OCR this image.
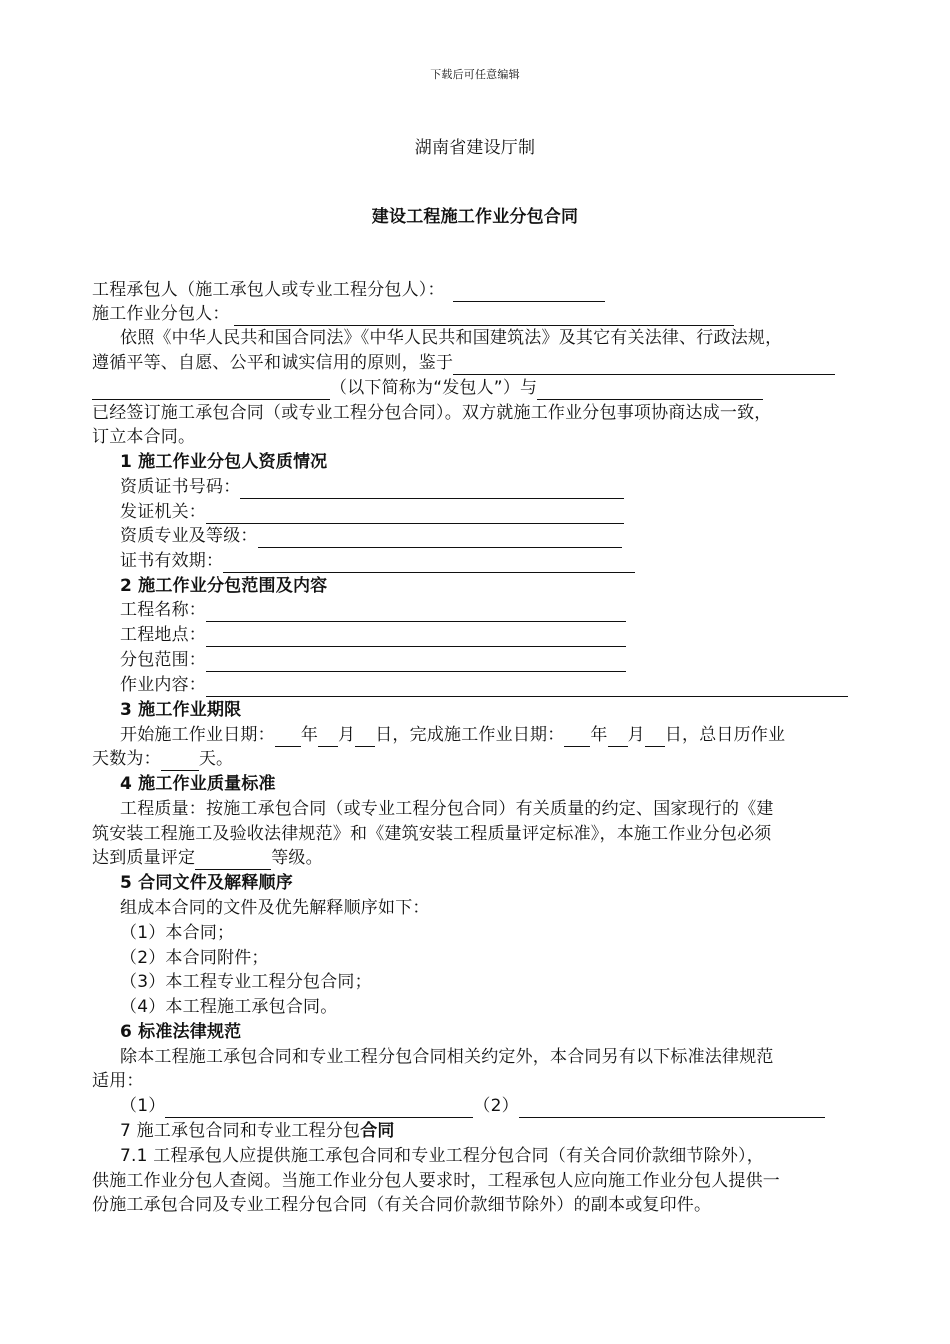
下载后可任意编辑
湖南省建设厅制
建设工程施工作业分包合同
工程承包人（施工承包人或专业工程分包人）：
施工作业分包人：
依照《中华人民共和国合同法》《中华人民共和国建筑法》及其它有关法律、行政法规，
遵循平等、自愿、公平和诚实信用的原则，鉴于
（以下简称为“发包人”）与
已经签订施工承包合同（或专业工程分包合同）。双方就施工作业分包事项协商达成一致，
订立本合同。
1 施工作业分包人资质情况
资质证书号码：
发证机关：
资质专业及等级：
证书有效期：
2 施工作业分包范围及内容
工程名称：
工程地点：
分包范围：
作业内容：
3 施工作业期限
开始施工作业日期： 年 月 日，完成施工作业日期： 年 月 日，总日历作业
天数为： 天。
4 施工作业质量标准
工程质量：按施工承包合同（或专业工程分包合同）有关质量的约定、国家现行的《建
筑安装工程施工及验收法律规范》和《建筑安装工程质量评定标准》，本施工作业分包必须
达到质量评定	等级。
5 合同文件及解释顺序
组成本合同的文件及优先解释顺序如下：
（1）本合同；
（2）本合同附件；
（3）本工程专业工程分包合同；
（4）本工程施工承包合同。
6 标准法律规范
除本工程施工承包合同和专业工程分包合同相关约定外，本合同另有以下标准法律规范
适用：
（1）	（2）
7 施工承包合同和专业工程分包合同
7.1 工程承包人应提供施工承包合同和专业工程分包合同（有关合同价款细节除外），
供施工作业分包人查阅。当施工作业分包人要求时，工程承包人应向施工作业分包人提供一
份施工承包合同及专业工程分包合同（有关合同价款细节除外）的副本或复印件。
